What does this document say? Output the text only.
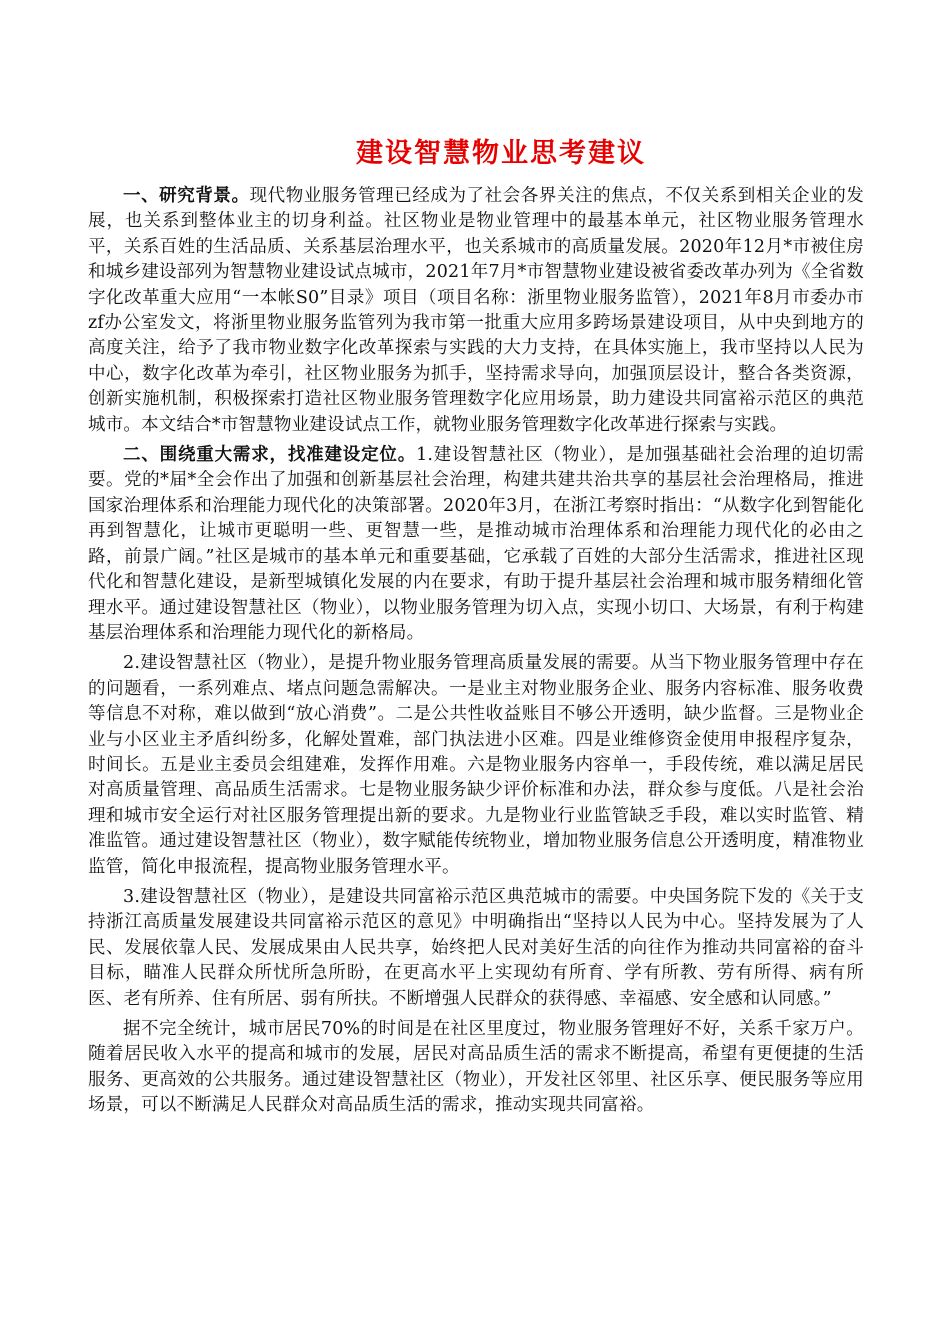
建设智慧物业思考建议

一、研究背景。现代物业服务管理已经成为了社会各界关注的焦点，不仅关系到相关企业的发展，也关系到整体业主的切身利益。社区物业是物业管理中的最基本单元，社区物业服务管理水平，关系百姓的生活品质、关系基层治理水平，也关系城市的高质量发展。2020年12月*市被住房和城乡建设部列为智慧物业建设试点城市，2021年7月*市智慧物业建设被省委改革办列为《全省数字化改革重大应用“一本帐S0”目录》项目（项目名称：浙里物业服务监管），2021年8月市委办市zf办公室发文，将浙里物业服务监管列为我市第一批重大应用多跨场景建设项目，从中央到地方的高度关注，给予了我市物业数字化改革探索与实践的大力支持，在具体实施上，我市坚持以人民为中心，数字化改革为牵引，社区物业服务为抓手，坚持需求导向，加强顶层设计，整合各类资源，创新实施机制，积极探索打造社区物业服务管理数字化应用场景，助力建设共同富裕示范区的典范城市。本文结合*市智慧物业建设试点工作，就物业服务管理数字化改革进行探索与实践。

二、围绕重大需求，找准建设定位。1.建设智慧社区（物业），是加强基础社会治理的迫切需要。党的*届*全会作出了加强和创新基层社会治理，构建共建共治共享的基层社会治理格局，推进国家治理体系和治理能力现代化的决策部署。2020年3月，在浙江考察时指出：“从数字化到智能化再到智慧化，让城市更聪明一些、更智慧一些，是推动城市治理体系和治理能力现代化的必由之路，前景广阔。”社区是城市的基本单元和重要基础，它承载了百姓的大部分生活需求，推进社区现代化和智慧化建设，是新型城镇化发展的内在要求，有助于提升基层社会治理和城市服务精细化管理水平。通过建设智慧社区（物业），以物业服务管理为切入点，实现小切口、大场景，有利于构建基层治理体系和治理能力现代化的新格局。

2.建设智慧社区（物业），是提升物业服务管理高质量发展的需要。从当下物业服务管理中存在的问题看，一系列难点、堵点问题急需解决。一是业主对物业服务企业、服务内容标准、服务收费等信息不对称，难以做到“放心消费”。二是公共性收益账目不够公开透明，缺少监督。三是物业企业与小区业主矛盾纠纷多，化解处置难，部门执法进小区难。四是业维修资金使用申报程序复杂，时间长。五是业主委员会组建难，发挥作用难。六是物业服务内容单一，手段传统，难以满足居民对高质量管理、高品质生活需求。七是物业服务缺少评价标准和办法，群众参与度低。八是社会治理和城市安全运行对社区服务管理提出新的要求。九是物业行业监管缺乏手段，难以实时监管、精准监管。通过建设智慧社区（物业），数字赋能传统物业，增加物业服务信息公开透明度，精准物业监管，简化申报流程，提高物业服务管理水平。

3.建设智慧社区（物业），是建设共同富裕示范区典范城市的需要。中央国务院下发的《关于支持浙江高质量发展建设共同富裕示范区的意见》中明确指出“坚持以人民为中心。坚持发展为了人民、发展依靠人民、发展成果由人民共享，始终把人民对美好生活的向往作为推动共同富裕的奋斗目标，瞄准人民群众所忧所急所盼，在更高水平上实现幼有所育、学有所教、劳有所得、病有所医、老有所养、住有所居、弱有所扶。不断增强人民群众的获得感、幸福感、安全感和认同感。”

据不完全统计，城市居民70%的时间是在社区里度过，物业服务管理好不好，关系千家万户。随着居民收入水平的提高和城市的发展，居民对高品质生活的需求不断提高，希望有更便捷的生活服务、更高效的公共服务。通过建设智慧社区（物业），开发社区邻里、社区乐享、便民服务等应用场景，可以不断满足人民群众对高品质生活的需求，推动实现共同富裕。
